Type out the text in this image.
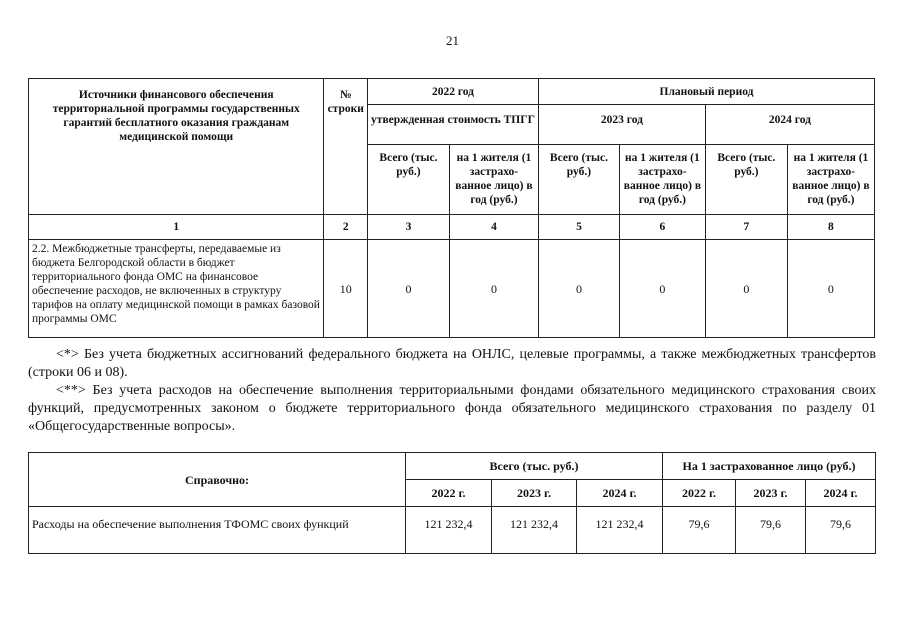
21
Источники финансового обеспечения территориальной программы государственных гарантий бесплатного оказания гражданам медицинской помощи	№ строки	2022 год		Плановый период			
		утвержденная стоимость ТПГГ		2023 год		2024 год	
		Всего (тыс. руб.)	на 1 жителя (1 застрахо-ванное лицо) в год (руб.)	Всего (тыс. руб.)	на 1 жителя (1 застрахо-ванное лицо) в год (руб.)	Всего (тыс. руб.)	на 1 жителя (1 застрахо-ванное лицо) в год (руб.)
1	2	3	4	5	6	7	8
2.2. Межбюджетные трансферты, передаваемые из бюджета Белгородской области в бюджет территориального фонда ОМС на финансовое обеспечение расходов, не включенных в структуру тарифов на оплату медицинской помощи в рамках базовой программы ОМС	10	0	0	0	0	0	0

<*> Без учета бюджетных ассигнований федерального бюджета на ОНЛС, целевые программы, а также межбюджетных трансфертов (строки 06 и 08).

<**> Без учета расходов на обеспечение выполнения территориальными фондами обязательного медицинского страхования своих функций, предусмотренных законом о бюджете территориального фонда обязательного медицинского страхования по разделу 01 «Общегосударственные вопросы».

Справочно:	Всего (тыс. руб.)			На 1 застрахованное лицо (руб.)		
	2022 г.	2023 г.	2024 г.	2022 г.	2023 г.	2024 г.
Расходы на обеспечение выполнения ТФОМС своих функций	121 232,4	121 232,4	121 232,4	79,6	79,6	79,6
